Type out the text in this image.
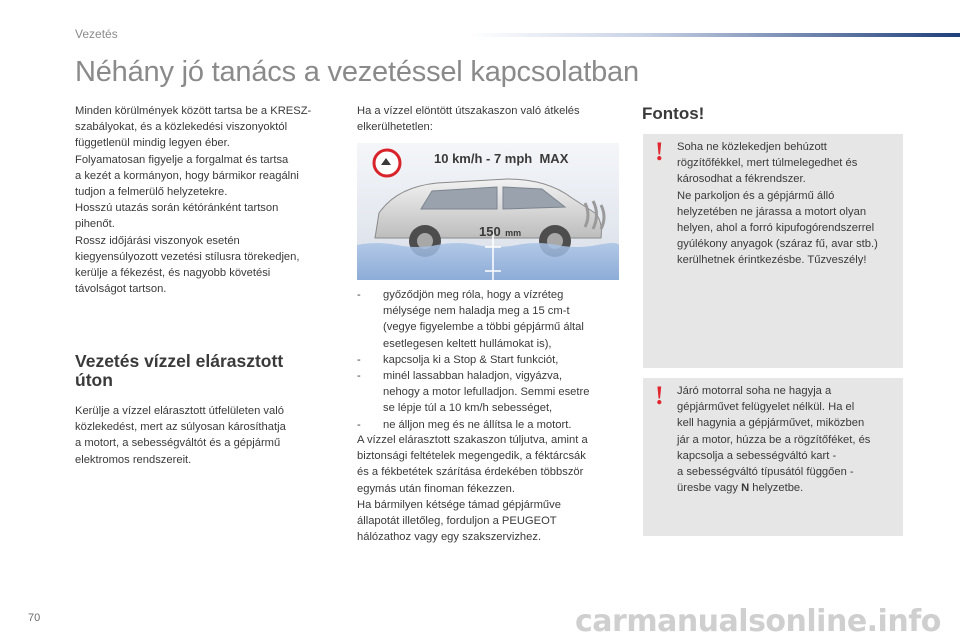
Vezetés
Néhány jó tanács a vezetéssel kapcsolatban
Minden körülmények között tartsa be a KRESZ-
szabályokat, és a közlekedési viszonyoktól
függetlenül mindig legyen éber.
Folyamatosan figyelje a forgalmat és tartsa
a kezét a kormányon, hogy bármikor reagálni
tudjon a felmerülő helyzetekre.
Hosszú utazás során kétóránként tartson
pihenőt.
Rossz időjárási viszonyok esetén
kiegyensúlyozott vezetési stílusra törekedjen,
kerülje a fékezést, és nagyobb követési
távolságot tartson.
Vezetés vízzel elárasztott
úton
Kerülje a vízzel elárasztott útfelületen való
közlekedést, mert az súlyosan károsíthatja
a motort, a sebességváltót és a gépjármű
elektromos rendszereit.
Ha a vízzel elöntött útszakaszon való átkelés
elkerülhetetlen:
10 km/h - 7 mph  MAX
150 mm
- győződjön meg róla, hogy a vízréteg
mélysége nem haladja meg a 15 cm-t
(vegye figyelembe a többi gépjármű által
esetlegesen keltett hullámokat is),
- kapcsolja ki a Stop & Start funkciót,
- minél lassabban haladjon, vigyázva,
nehogy a motor lefulladjon. Semmi esetre
se lépje túl a 10 km/h sebességet,
- ne álljon meg és ne állítsa le a motort.
A vízzel elárasztott szakaszon túljutva, amint a
biztonsági feltételek megengedik, a féktárcsák
és a fékbetétek szárítása érdekében többször
egymás után finoman fékezzen.
Ha bármilyen kétsége támad gépjárműve
állapotát illetőleg, forduljon a PEUGEOT
hálózathoz vagy egy szakszervizhez.
Fontos!
! Soha ne közlekedjen behúzott
rögzítőfékkel, mert túlmelegedhet és
károsodhat a fékrendszer.
Ne parkoljon és a gépjármű álló
helyzetében ne járassa a motort olyan
helyen, ahol a forró kipufogórendszerrel
gyúlékony anyagok (száraz fű, avar stb.)
kerülhetnek érintkezésbe. Tűzveszély!
! Járó motorral soha ne hagyja a
gépjárművet felügyelet nélkül. Ha el
kell hagynia a gépjárművet, miközben
jár a motor, húzza be a rögzítőféket, és
kapcsolja a sebességváltó kart -
a sebességváltó típusától függően -
üresbe vagy N helyzetbe.
70	carmanualsonline.info
